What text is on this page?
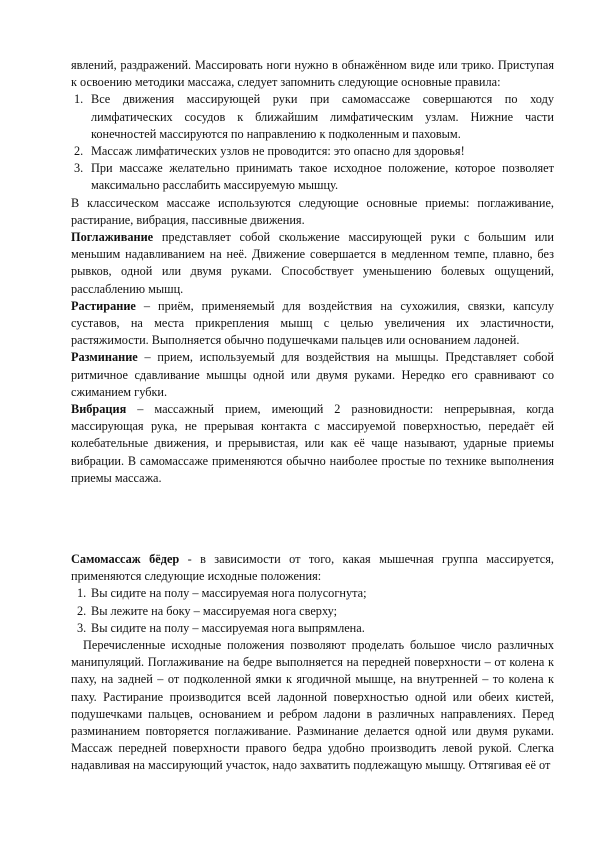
явлений, раздражений. Массировать ноги нужно в обнажённом виде или трико. Приступая к освоению методики массажа, следует запомнить следующие основные правила:

1. Все движения массирующей руки при самомассаже совершаются по ходу лимфатических сосудов к ближайшим лимфатическим узлам. Нижние части конечностей массируются по направлению к подколенным и паховым.
2. Массаж лимфатических узлов не проводится: это опасно для здоровья!
3. При массаже желательно принимать такое исходное положение, которое позволяет максимально расслабить массируемую мышцу.

В классическом массаже используются следующие основные приемы: поглаживание, растирание, вибрация, пассивные движения.

Поглаживание представляет собой скольжение массирующей руки с большим или меньшим надавливанием на неё. Движение совершается в медленном темпе, плавно, без рывков, одной или двумя руками. Способствует уменьшению болевых ощущений, расслаблению мышц.

Растирание – приём, применяемый для воздействия на сухожилия, связки, капсулу суставов, на места прикрепления мышц с целью увеличения их эластичности, растяжимости. Выполняется обычно подушечками пальцев или основанием ладоней.

Разминание – прием, используемый для воздействия на мышцы. Представляет собой ритмичное сдавливание мышцы одной или двумя руками. Нередко его сравнивают со сжиманием губки.

Вибрация – массажный прием, имеющий 2 разновидности: непрерывная, когда массирующая рука, не прерывая контакта с массируемой поверхностью, передаёт ей колебательные движения, и прерывистая, или как её чаще называют, ударные приемы вибрации. В самомассаже применяются обычно наиболее простые по технике выполнения приемы массажа.

Самомассаж бёдер - в зависимости от того, какая мышечная группа массируется, применяются следующие исходные положения:

1. Вы сидите на полу – массируемая нога полусогнута;
2. Вы лежите на боку – массируемая нога сверху;
3. Вы сидите на полу – массируемая нога выпрямлена.

Перечисленные исходные положения позволяют проделать большое число различных манипуляций. Поглаживание на бедре выполняется на передней поверхности – от колена к паху, на задней – от подколенной ямки к ягодичной мышце, на внутренней – то колена к паху. Растирание производится всей ладонной поверхностью одной или обеих кистей, подушечками пальцев, основанием и ребром ладони в различных направлениях. Перед разминанием повторяется поглаживание. Разминание делается одной или двумя руками. Массаж передней поверхности правого бедра удобно производить левой рукой. Слегка надавливая на массирующий участок, надо захватить подлежащую мышцу. Оттягивая её от
